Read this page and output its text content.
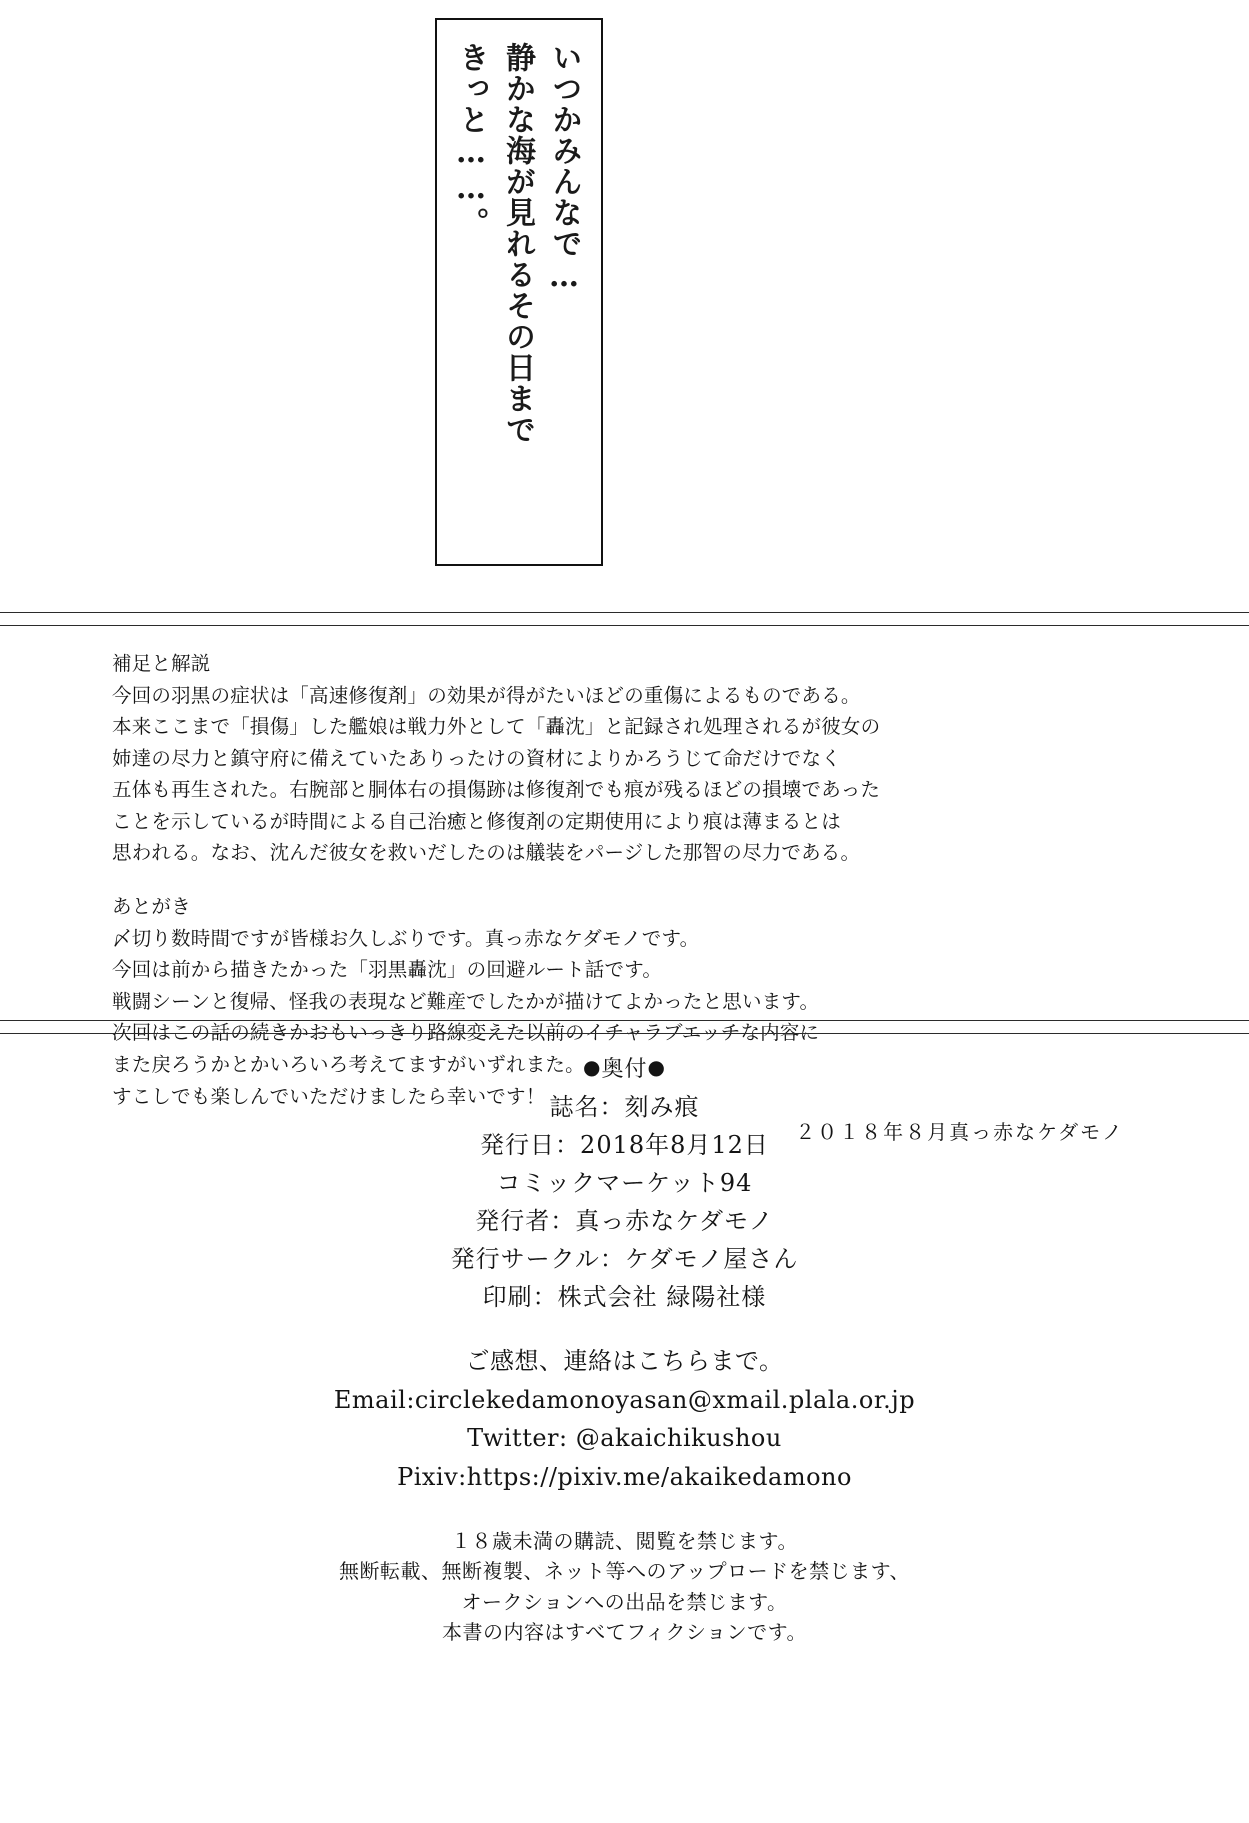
いつかみんなで…
静かな海が見れるその日まで
きっと……。

補足と解説

今回の羽黒の症状は「高速修復剤」の効果が得がたいほどの重傷によるものである。

本来ここまで「損傷」した艦娘は戦力外として「轟沈」と記録され処理されるが彼女の

姉達の尽力と鎮守府に備えていたありったけの資材によりかろうじて命だけでなく

五体も再生された。右腕部と胴体右の損傷跡は修復剤でも痕が残るほどの損壊であった

ことを示しているが時間による自己治癒と修復剤の定期使用により痕は薄まるとは

思われる。なお、沈んだ彼女を救いだしたのは艤装をパージした那智の尽力である。

あとがき

〆切り数時間ですが皆様お久しぶりです。真っ赤なケダモノです。

今回は前から描きたかった「羽黒轟沈」の回避ルート話です。

戦闘シーンと復帰、怪我の表現など難産でしたかが描けてよかったと思います。

次回はこの話の続きかおもいっきり路線変えた以前のイチャラブエッチな内容に

また戻ろうかとかいろいろ考えてますがいずれまた。

すこしでも楽しんでいただけましたら幸いです！

２０１８年８月真っ赤なケダモノ
●奥付●
誌名：刻み痕
発行日：2018年8月12日
コミックマーケット94
発行者：真っ赤なケダモノ
発行サークル：ケダモノ屋さん
印刷：株式会社 緑陽社様
ご感想、連絡はこちらまで。
Email:circlekedamonoyasan@xmail.plala.or.jp
Twitter: @akaichikushou
Pixiv:https://pixiv.me/akaikedamono
１８歳未満の購読、閲覧を禁じます。
無断転載、無断複製、ネット等へのアップロードを禁じます、
オークションへの出品を禁じます。
本書の内容はすべてフィクションです。
